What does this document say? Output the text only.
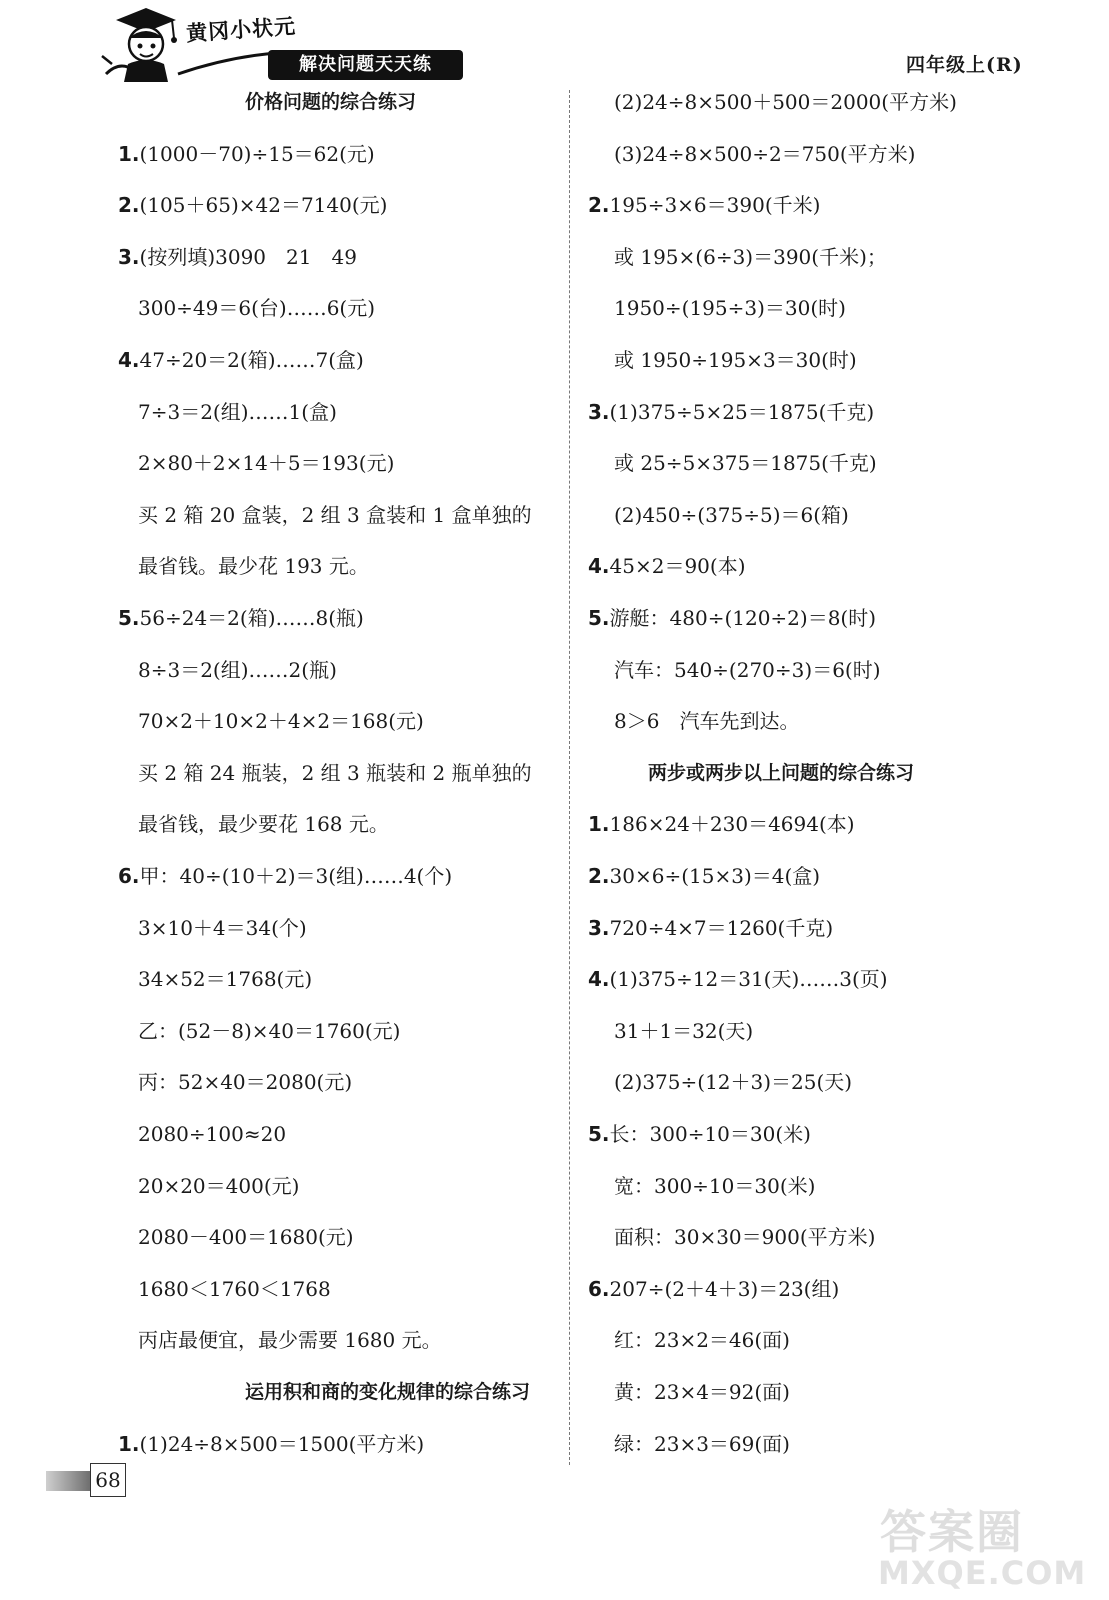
黄冈小状元
解决问题天天练	四年级上(R)
价格问题的综合练习
1.(1000－70)÷15＝62(元)
2.(105＋65)×42＝7140(元)
3.(按列填)3090　21　49
300÷49＝6(台)……6(元)
4.47÷20＝2(箱)……7(盒)
7÷3＝2(组)……1(盒)
2×80＋2×14＋5＝193(元)
买 2 箱 20 盒装，2 组 3 盒装和 1 盒单独的
最省钱。最少花 193 元。
5.56÷24＝2(箱)……8(瓶)
8÷3＝2(组)……2(瓶)
70×2＋10×2＋4×2＝168(元)
买 2 箱 24 瓶装，2 组 3 瓶装和 2 瓶单独的
最省钱，最少要花 168 元。
6.甲：40÷(10＋2)＝3(组)……4(个)
3×10＋4＝34(个)
34×52＝1768(元)
乙：(52－8)×40＝1760(元)
丙：52×40＝2080(元)
2080÷100≈20
20×20＝400(元)
2080－400＝1680(元)
1680＜1760＜1768
丙店最便宜，最少需要 1680 元。
运用积和商的变化规律的综合练习
1.(1)24÷8×500＝1500(平方米)
(2)24÷8×500＋500＝2000(平方米)
(3)24÷8×500÷2＝750(平方米)
2.195÷3×6＝390(千米)
或 195×(6÷3)＝390(千米)；
1950÷(195÷3)＝30(时)
或 1950÷195×3＝30(时)
3.(1)375÷5×25＝1875(千克)
或 25÷5×375＝1875(千克)
(2)450÷(375÷5)＝6(箱)
4.45×2＝90(本)
5.游艇：480÷(120÷2)＝8(时)
汽车：540÷(270÷3)＝6(时)
8＞6　汽车先到达。
两步或两步以上问题的综合练习
1.186×24＋230＝4694(本)
2.30×6÷(15×3)＝4(盒)
3.720÷4×7＝1260(千克)
4.(1)375÷12＝31(天)……3(页)
31＋1＝32(天)
(2)375÷(12＋3)＝25(天)
5.长：300÷10＝30(米)
宽：300÷10＝30(米)
面积：30×30＝900(平方米)
6.207÷(2＋4＋3)＝23(组)
红：23×2＝46(面)
黄：23×4＝92(面)
绿：23×3＝69(面)
68
答案圈
MXQE.COM
